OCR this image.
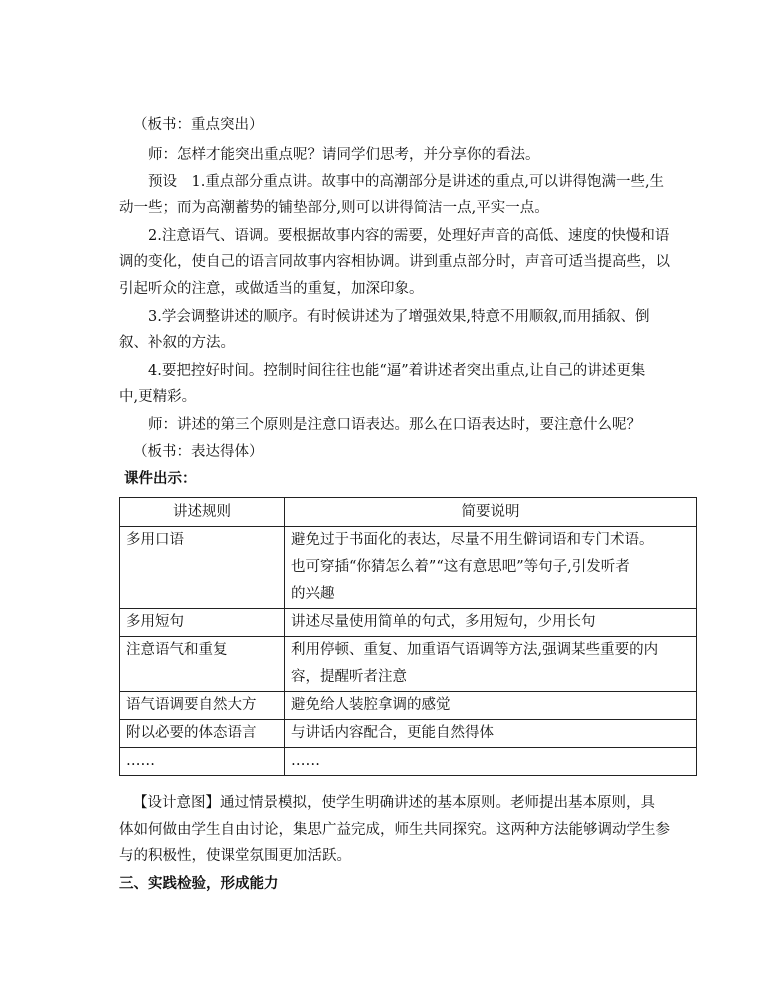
（板书：重点突出）
师：怎样才能突出重点呢？请同学们思考，并分享你的看法。
预设　1.重点部分重点讲。故事中的高潮部分是讲述的重点,可以讲得饱满一些,生
动一些；而为高潮蓄势的铺垫部分,则可以讲得简洁一点,平实一点。
2.注意语气、语调。要根据故事内容的需要，处理好声音的高低、速度的快慢和语
调的变化，使自己的语言同故事内容相协调。讲到重点部分时，声音可适当提高些，以
引起听众的注意，或做适当的重复，加深印象。
3.学会调整讲述的顺序。有时候讲述为了增强效果,特意不用顺叙,而用插叙、倒
叙、补叙的方法。
4.要把控好时间。控制时间往往也能“逼”着讲述者突出重点,让自己的讲述更集
中,更精彩。
师：讲述的第三个原则是注意口语表达。那么在口语表达时，要注意什么呢？
（板书：表达得体）
课件出示：
讲述规则	简要说明
多用口语	避免过于书面化的表达，尽量不用生僻词语和专门术语。
也可穿插“你猜怎么着”“这有意思吧”等句子,引发听者
的兴趣

多用短句	讲述尽量使用简单的句式，多用短句，少用长句

注意语气和重复	利用停顿、重复、加重语气语调等方法,强调某些重要的内
容，提醒听者注意

语气语调要自然大方	避免给人装腔拿调的感觉

附以必要的体态语言	与讲话内容配合，更能自然得体

……	……
【设计意图】通过情景模拟，使学生明确讲述的基本原则。老师提出基本原则，具
体如何做由学生自由讨论，集思广益完成，师生共同探究。这两种方法能够调动学生参
与的积极性，使课堂氛围更加活跃。
三、实践检验，形成能力
